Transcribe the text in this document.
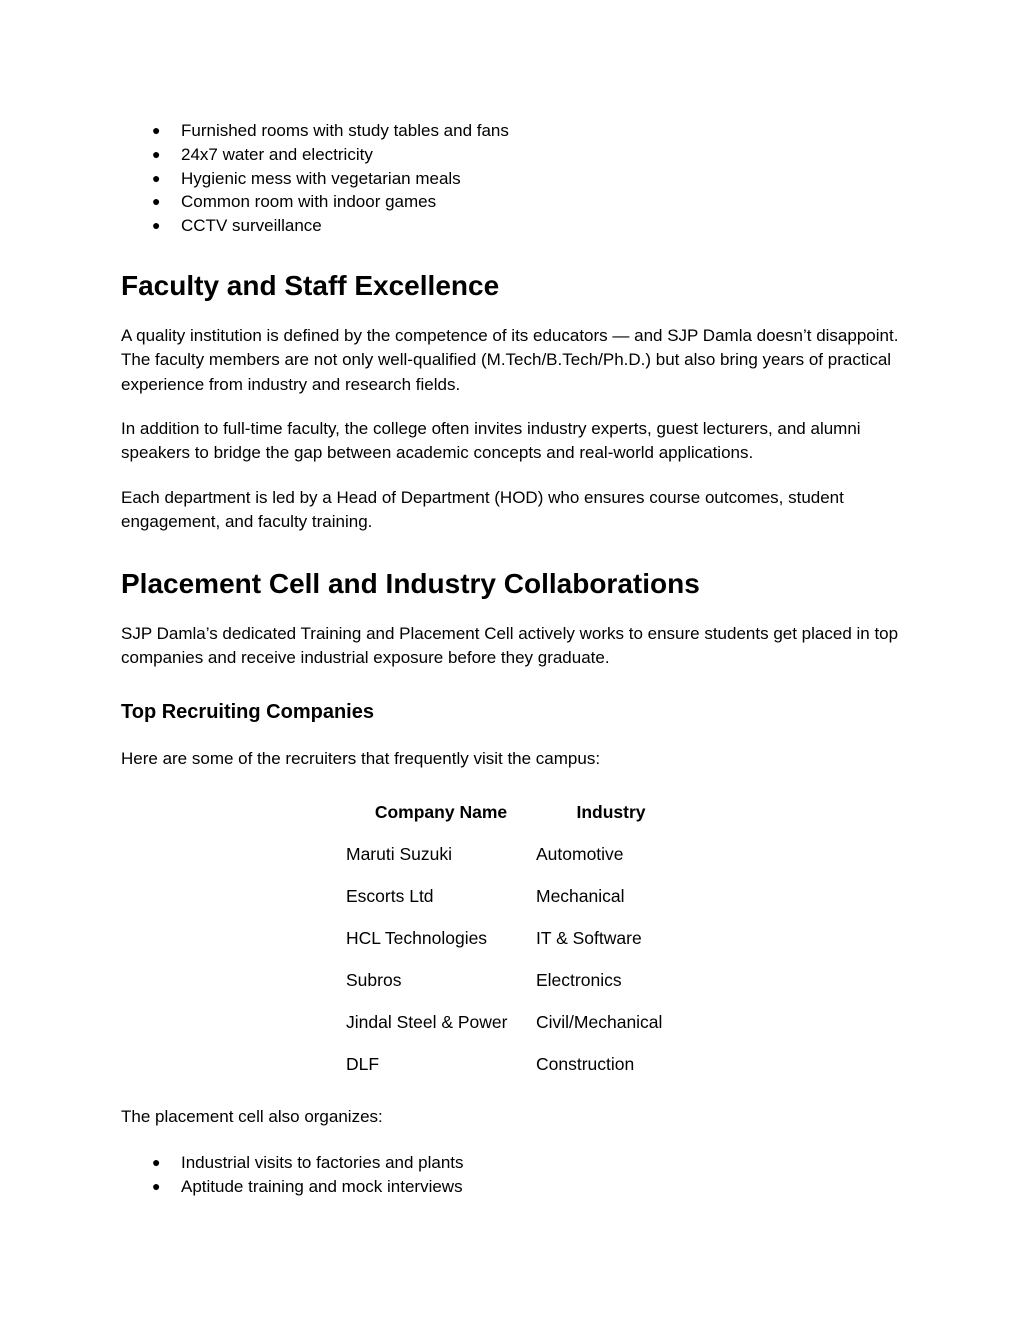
● Furnished rooms with study tables and fans
● 24x7 water and electricity
● Hygienic mess with vegetarian meals
● Common room with indoor games
● CCTV surveillance
Faculty and Staff Excellence

A quality institution is defined by the competence of its educators — and SJP Damla doesn’t disappoint. The faculty members are not only well-qualified (M.Tech/B.Tech/Ph.D.) but also bring years of practical experience from industry and research fields.

In addition to full-time faculty, the college often invites industry experts, guest lecturers, and alumni speakers to bridge the gap between academic concepts and real-world applications.

Each department is led by a Head of Department (HOD) who ensures course outcomes, student engagement, and faculty training.

Placement Cell and Industry Collaborations

SJP Damla’s dedicated Training and Placement Cell actively works to ensure students get placed in top companies and receive industrial exposure before they graduate.

Top Recruiting Companies

Here are some of the recruiters that frequently visit the campus:

Company Name	Industry
Maruti Suzuki	Automotive
Escorts Ltd	Mechanical
HCL Technologies	IT & Software
Subros	Electronics
Jindal Steel & Power	Civil/Mechanical
DLF	Construction

The placement cell also organizes:

● Industrial visits to factories and plants
● Aptitude training and mock interviews
